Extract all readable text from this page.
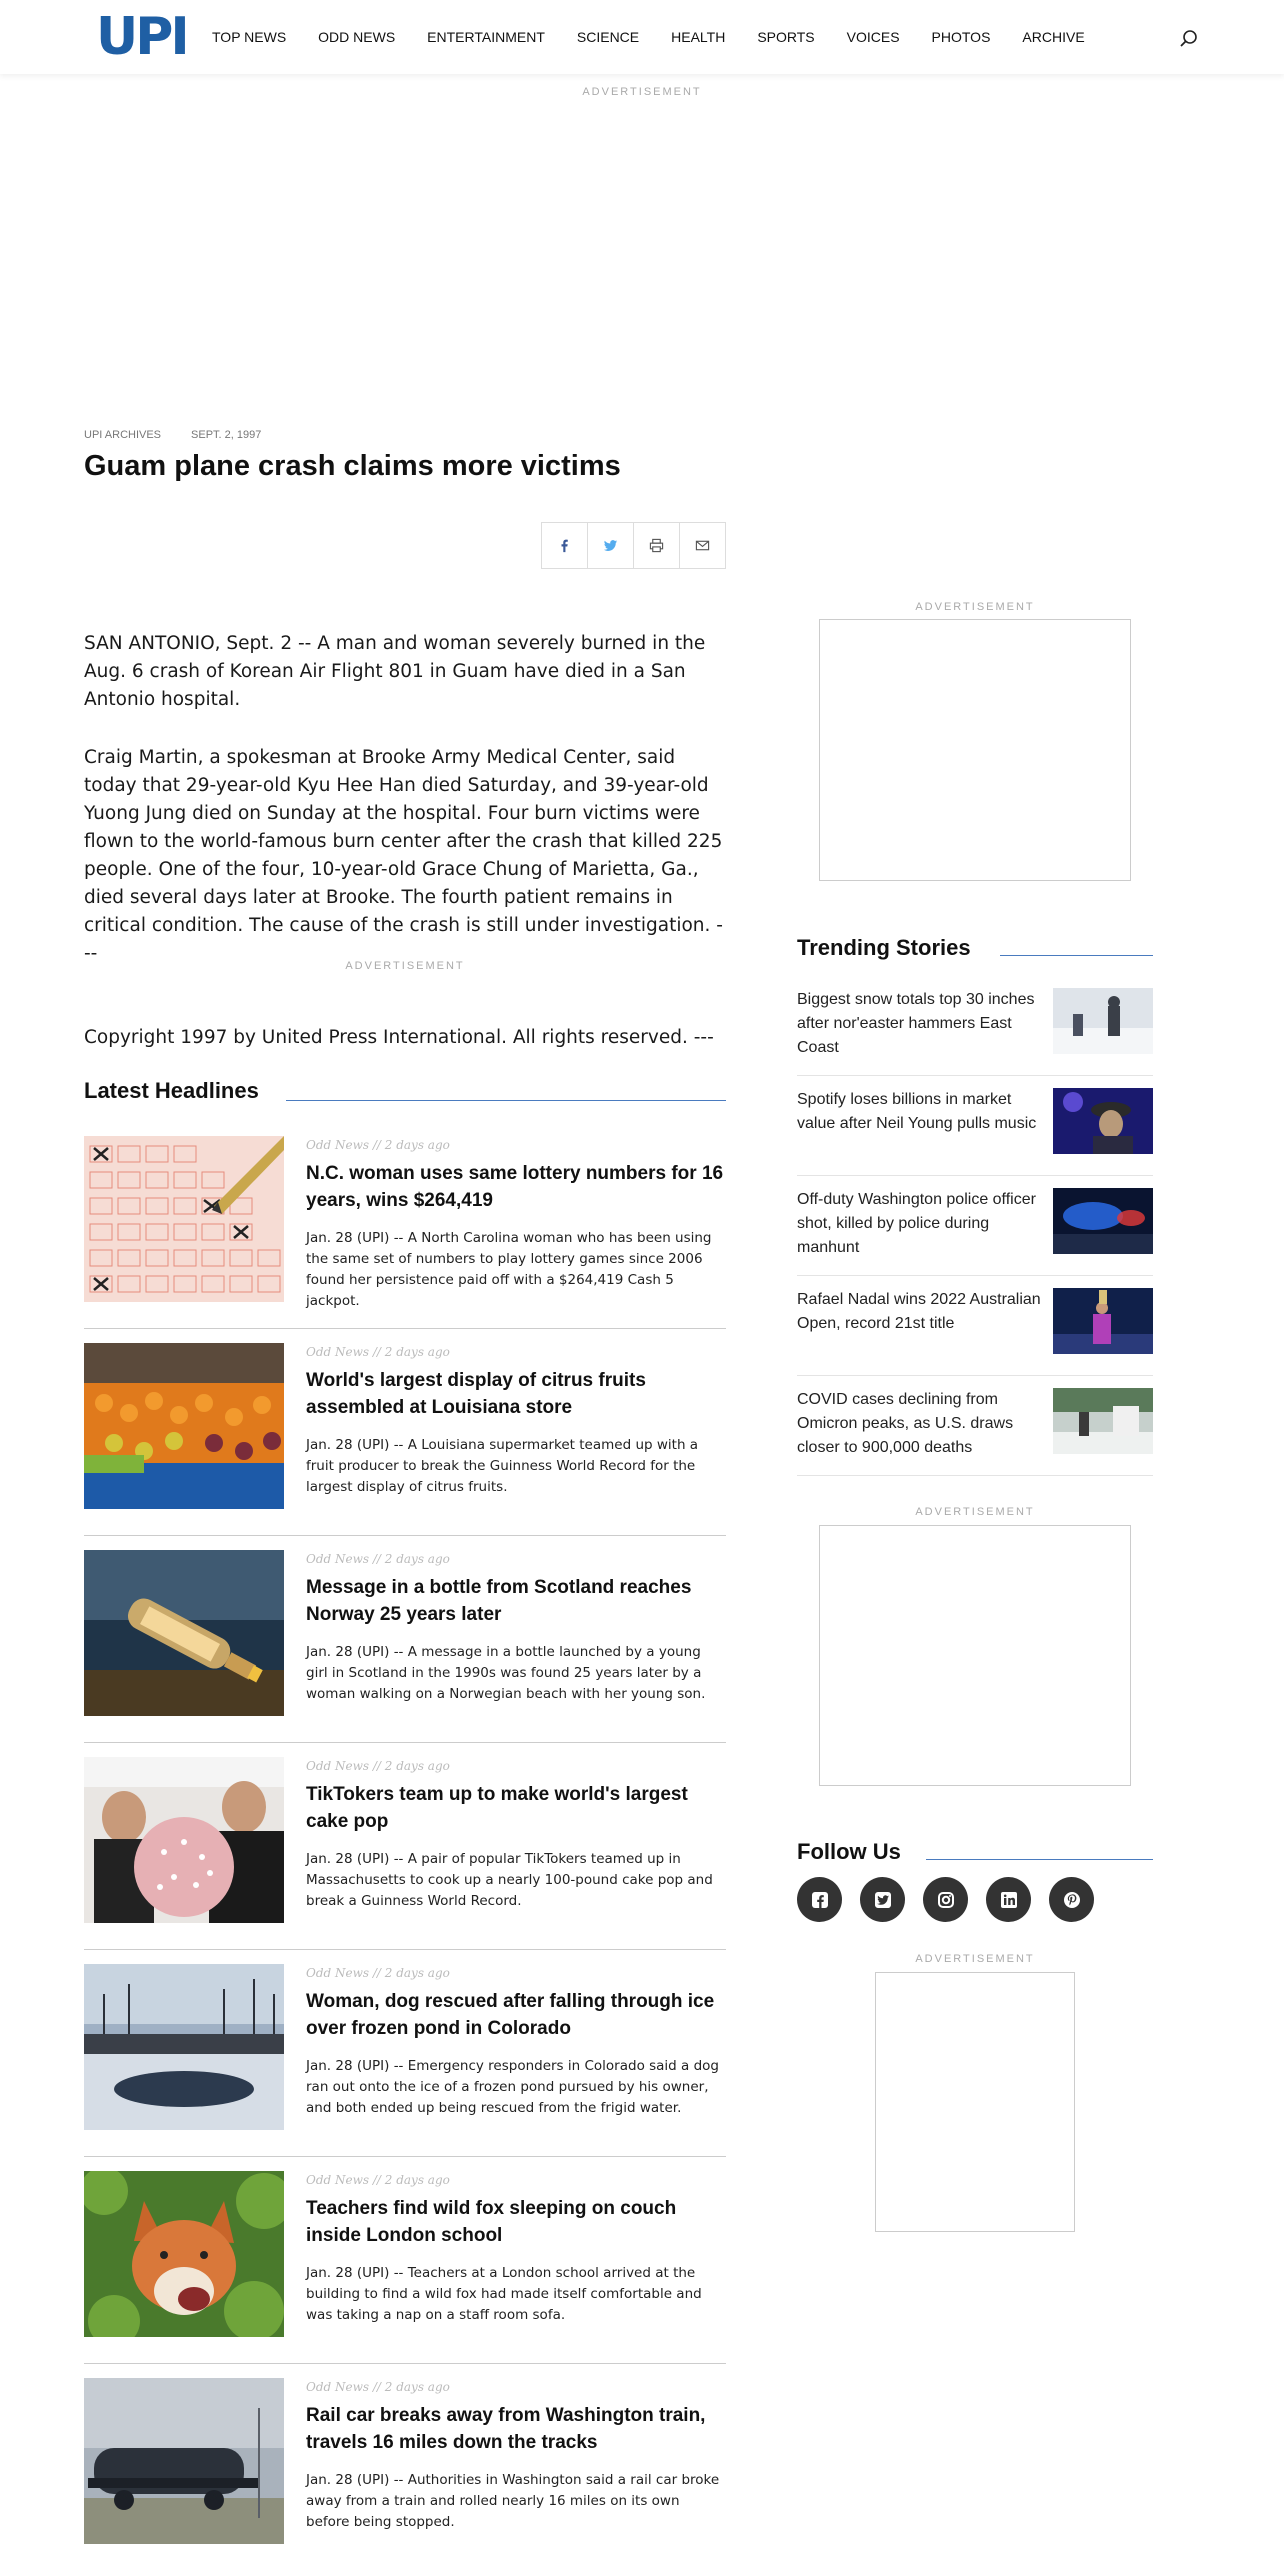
UPI TOP NEWS ODD NEWS ENTERTAINMENT SCIENCE HEALTH SPORTS VOICES PHOTOS ARCHIVE
ADVERTISEMENT
UPI ARCHIVES	SEPT. 2, 1997
Guam plane crash claims more victims

SAN ANTONIO, Sept. 2 -- A man and woman severely burned in the Aug. 6 crash of Korean Air Flight 801 in Guam have died in a San Antonio hospital.

Craig Martin, a spokesman at Brooke Army Medical Center, said today that 29-year-old Kyu Hee Han died Saturday, and 39-year-old Yuong Jung died on Sunday at the hospital. Four burn victims were flown to the world-famous burn center after the crash that killed 225 people. One of the four, 10-year-old Grace Chung of Marietta, Ga., died several days later at Brooke. The fourth patient remains in critical condition. The cause of the crash is still under investigation. ---

ADVERTISEMENT
Copyright 1997 by United Press International. All rights reserved. ---
Latest Headlines
Odd News // 2 days ago
N.C. woman uses same lottery numbers for 16 years, wins $264,419
Jan. 28 (UPI) -- A North Carolina woman who has been using the same set of numbers to play lottery games since 2006 found her persistence paid off with a $264,419 Cash 5 jackpot.
Odd News // 2 days ago
World's largest display of citrus fruits assembled at Louisiana store
Jan. 28 (UPI) -- A Louisiana supermarket teamed up with a fruit producer to break the Guinness World Record for the largest display of citrus fruits.
Odd News // 2 days ago
Message in a bottle from Scotland reaches Norway 25 years later
Jan. 28 (UPI) -- A message in a bottle launched by a young girl in Scotland in the 1990s was found 25 years later by a woman walking on a Norwegian beach with her young son.
Odd News // 2 days ago
TikTokers team up to make world's largest cake pop
Jan. 28 (UPI) -- A pair of popular TikTokers teamed up in Massachusetts to cook up a nearly 100-pound cake pop and break a Guinness World Record.
Odd News // 2 days ago
Woman, dog rescued after falling through ice over frozen pond in Colorado
Jan. 28 (UPI) -- Emergency responders in Colorado said a dog ran out onto the ice of a frozen pond pursued by his owner, and both ended up being rescued from the frigid water.
Odd News // 2 days ago
Teachers find wild fox sleeping on couch inside London school
Jan. 28 (UPI) -- Teachers at a London school arrived at the building to find a wild fox had made itself comfortable and was taking a nap on a staff room sofa.
Odd News // 2 days ago
Rail car breaks away from Washington train, travels 16 miles down the tracks
Jan. 28 (UPI) -- Authorities in Washington said a rail car broke away from a train and rolled nearly 16 miles on its own before being stopped.
ADVERTISEMENT
Trending Stories
Biggest snow totals top 30 inches after nor'easter hammers East Coast
Spotify loses billions in market value after Neil Young pulls music
Off-duty Washington police officer shot, killed by police during manhunt
Rafael Nadal wins 2022 Australian Open, record 21st title
COVID cases declining from Omicron peaks, as U.S. draws closer to 900,000 deaths
ADVERTISEMENT
Follow Us
ADVERTISEMENT
